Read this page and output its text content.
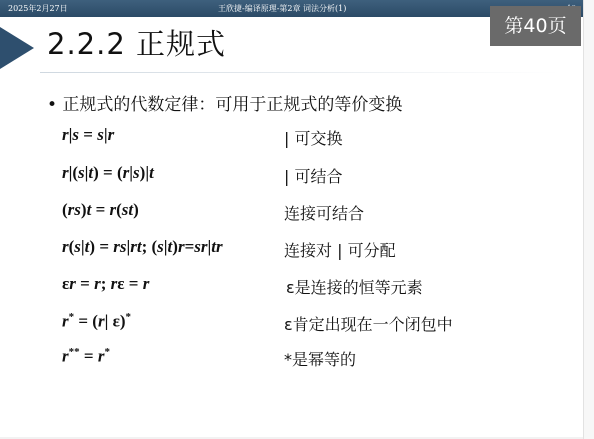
2025年2月27日	王欣捷-编译原理-第2章 词法分析(1)
2.2.2 正规式
第40页
• 正规式的代数定律：可用于正规式的等价变换
r|s = s|r	| 可交换
r|(s|t) = (r|s)|t	| 可结合
(rs)t = r(st)	连接可结合
r(s|t) = rs|rt; (s|t)r=sr|tr	连接对 | 可分配
εr = r; rε = r	ε是连接的恒等元素
r* = (r| ε)*	ε肯定出现在一个闭包中
r** = r*	*是幂等的
